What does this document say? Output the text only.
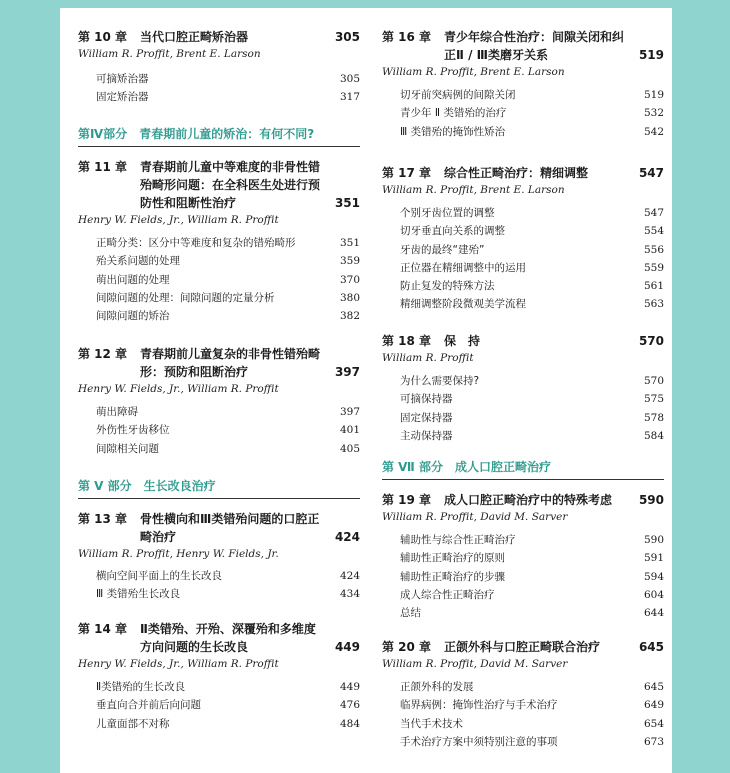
第 10 章	当代口腔正畸矫治器	305
William R. Proffit, Brent E. Larson
可摘矫治器	305
固定矫治器	317
第Ⅳ部分 青春期前儿童的矫治：有何不同?
第 11 章	青春期前儿童中等难度的非骨性错殆畸形问题：在全科医生处进行预防性和阻断性治疗	351
Henry W. Fields, Jr., William R. Proffit
正畸分类：区分中等难度和复杂的错殆畸形	351
殆关系问题的处理	359
萌出问题的处理	370
间隙问题的处理：间隙问题的定量分析	380
间隙问题的矫治	382
第 12 章	青春期前儿童复杂的非骨性错殆畸形：预防和阻断治疗	397
Henry W. Fields, Jr., William R. Proffit
萌出障碍	397
外伤性牙齿移位	401
间隙相关问题	405
第 Ⅴ 部分 生长改良治疗
第 13 章	骨性横向和Ⅲ类错殆问题的口腔正畸治疗	424
William R. Proffit, Henry W. Fields, Jr.
横向空间平面上的生长改良	424
Ⅲ 类错殆生长改良	434
第 14 章	Ⅱ类错殆、开殆、深覆殆和多维度方向问题的生长改良	449
Henry W. Fields, Jr., William R. Proffit
Ⅱ类错殆的生长改良	449
垂直向合并前后向问题	476
儿童面部不对称	484
第 16 章	青少年综合性治疗：间隙关闭和纠正Ⅱ / Ⅲ类磨牙关系	519
William R. Proffit, Brent E. Larson
切牙前突病例的间隙关闭	519
青少年 Ⅱ 类错殆的治疗	532
Ⅲ 类错殆的掩饰性矫治	542
第 17 章	综合性正畸治疗：精细调整	547
William R. Proffit, Brent E. Larson
个别牙齿位置的调整	547
切牙垂直向关系的调整	554
牙齿的最终“建殆”	556
正位器在精细调整中的运用	559
防止复发的特殊方法	561
精细调整阶段微观美学流程	563
第 18 章	保　持	570
William R. Proffit
为什么需要保持?	570
可摘保持器	575
固定保持器	578
主动保持器	584
第 Ⅶ 部分 成人口腔正畸治疗
第 19 章	成人口腔正畸治疗中的特殊考虑	590
William R. Proffit, David M. Sarver
辅助性与综合性正畸治疗	590
辅助性正畸治疗的原则	591
辅助性正畸治疗的步骤	594
成人综合性正畸治疗	604
总结	644
第 20 章	正颌外科与口腔正畸联合治疗	645
William R. Proffit, David M. Sarver
正颌外科的发展	645
临界病例：掩饰性治疗与手术治疗	649
当代手术技术	654
手术治疗方案中须特别注意的事项	673
